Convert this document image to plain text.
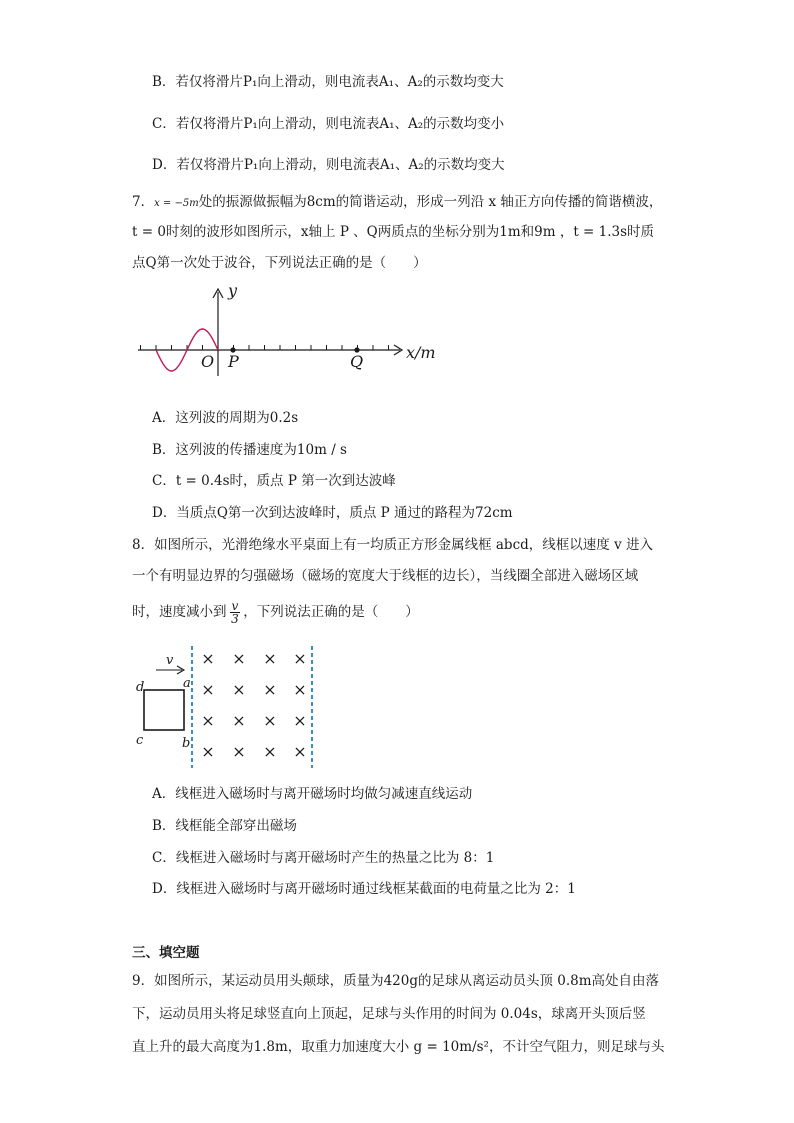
B．若仅将滑片P₁向上滑动，则电流表A₁、A₂的示数均变大
C．若仅将滑片P₁向上滑动，则电流表A₁、A₂的示数均变小
D．若仅将滑片P₁向上滑动，则电流表A₁、A₂的示数均变大
7．x = −5m处的振源做振幅为8cm的简谐运动，形成一列沿 x 轴正方向传播的简谐横波，
t = 0时刻的波形如图所示，x轴上 P 、Q两质点的坐标分别为1m和9m ，t = 1.3s时质
点Q第一次处于波谷，下列说法正确的是（　　）
y
x/m
O P	Q
A．这列波的周期为0.2s
B．这列波的传播速度为10m / s
C．t = 0.4s时，质点 P 第一次到达波峰
D．当质点Q第一次到达波峰时，质点 P 通过的路程为72cm
8．如图所示，光滑绝缘水平桌面上有一均质正方形金属线框 abcd，线框以速度 v 进入
一个有明显边界的匀强磁场（磁场的宽度大于线框的边长），当线圈全部进入磁场区域
时，速度减小到 $\frac{v}{3}$ ，下列说法正确的是（　　）
v
a
b
c
d
× × × ×
× × × ×
× × × ×
× × × ×
A．线框进入磁场时与离开磁场时均做匀减速直线运动
B．线框能全部穿出磁场
C．线框进入磁场时与离开磁场时产生的热量之比为 8：1
D．线框进入磁场时与离开磁场时通过线框某截面的电荷量之比为 2：1
三、填空题
9．如图所示，某运动员用头颠球，质量为420g的足球从离运动员头顶 0.8m高处自由落
下，运动员用头将足球竖直向上顶起，足球与头作用的时间为 0.04s，球离开头顶后竖
直上升的最大高度为1.8m，取重力加速度大小 g = 10m/s²，不计空气阻力，则足球与头
